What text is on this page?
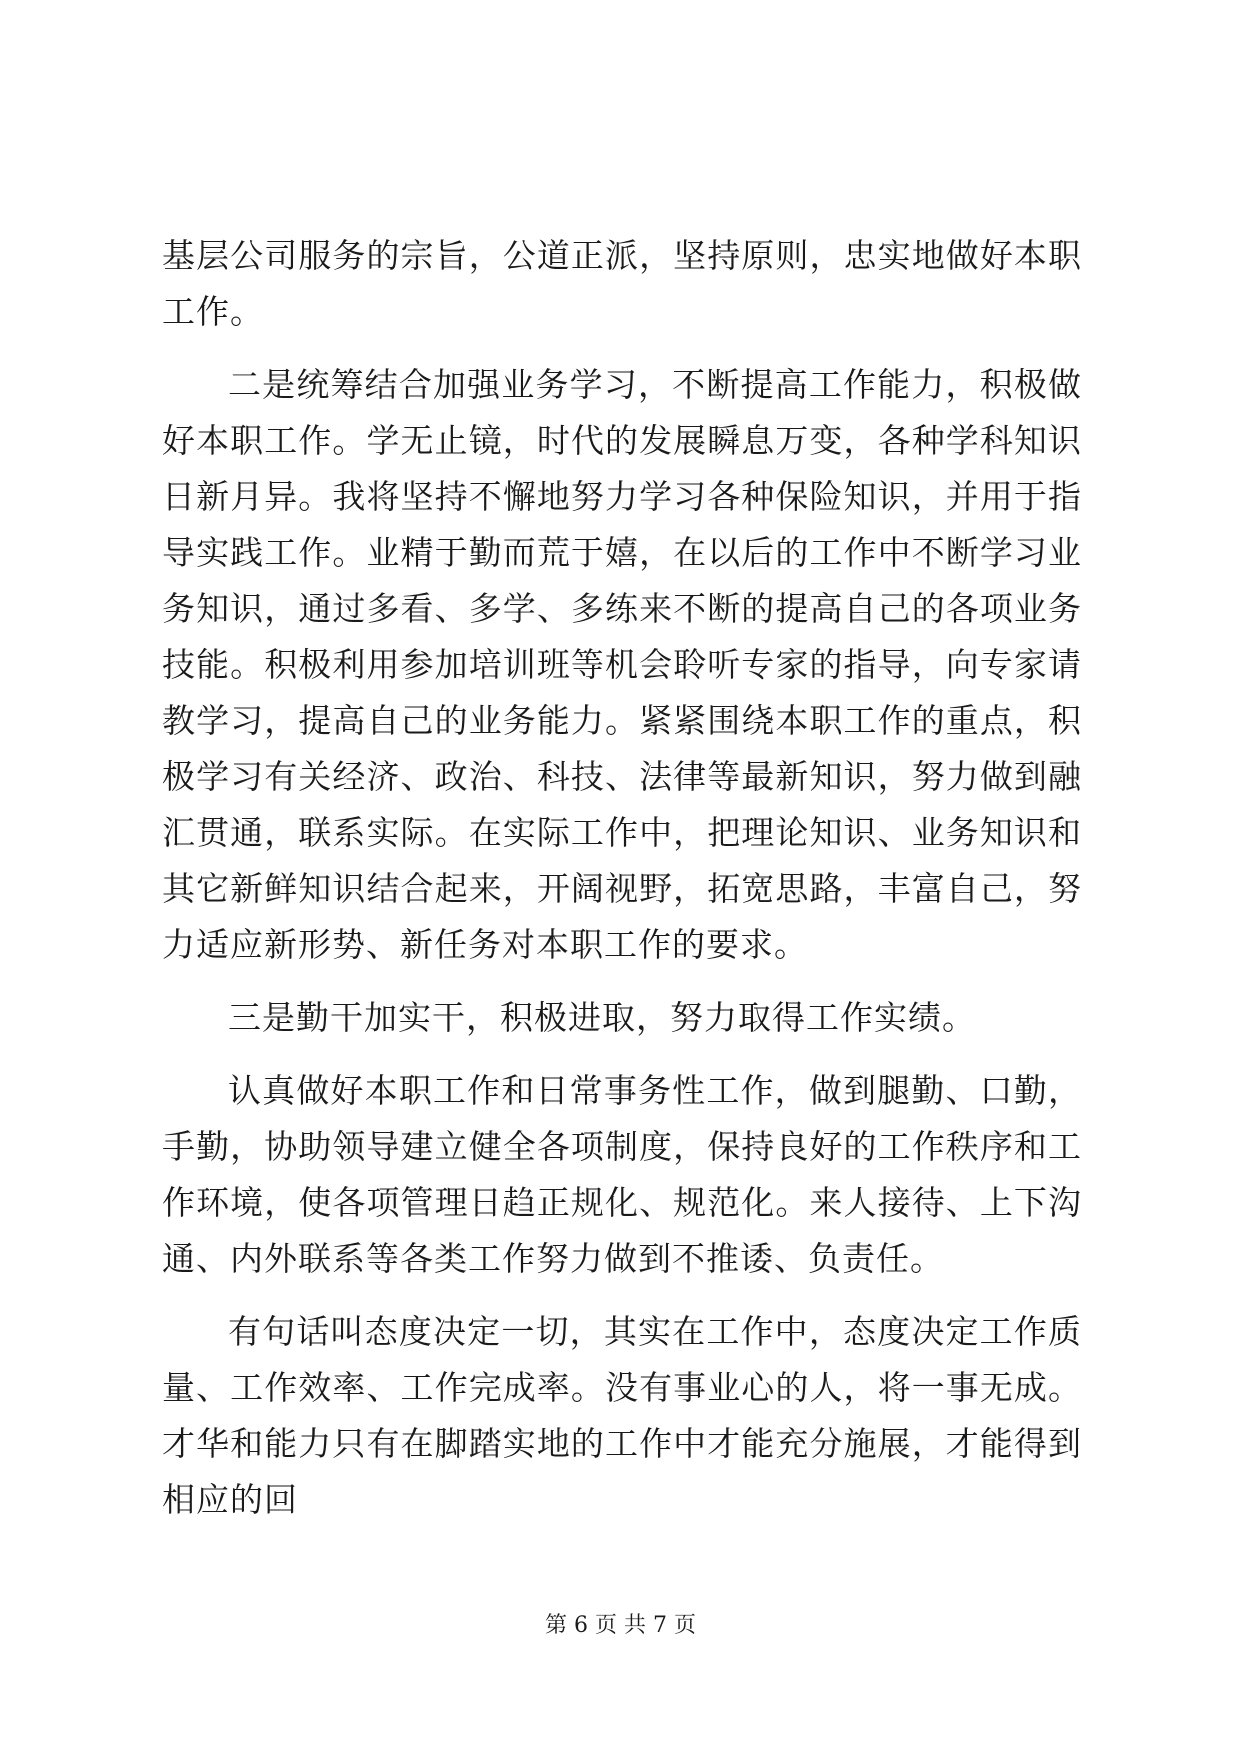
基层公司服务的宗旨，公道正派，坚持原则，忠实地做好本职工作。

二是统筹结合加强业务学习，不断提高工作能力，积极做好本职工作。学无止镜，时代的发展瞬息万变，各种学科知识日新月异。我将坚持不懈地努力学习各种保险知识，并用于指导实践工作。业精于勤而荒于嬉，在以后的工作中不断学习业务知识，通过多看、多学、多练来不断的提高自己的各项业务技能。积极利用参加培训班等机会聆听专家的指导，向专家请教学习，提高自己的业务能力。紧紧围绕本职工作的重点，积极学习有关经济、政治、科技、法律等最新知识，努力做到融汇贯通，联系实际。在实际工作中，把理论知识、业务知识和其它新鲜知识结合起来，开阔视野，拓宽思路，丰富自己，努力适应新形势、新任务对本职工作的要求。

三是勤干加实干，积极进取，努力取得工作实绩。

认真做好本职工作和日常事务性工作，做到腿勤、口勤，手勤，协助领导建立健全各项制度，保持良好的工作秩序和工作环境，使各项管理日趋正规化、规范化。来人接待、上下沟通、内外联系等各类工作努力做到不推诿、负责任。

有句话叫态度决定一切，其实在工作中，态度决定工作质量、工作效率、工作完成率。没有事业心的人，将一事无成。才华和能力只有在脚踏实地的工作中才能充分施展，才能得到相应的回

第 6 页 共 7 页
